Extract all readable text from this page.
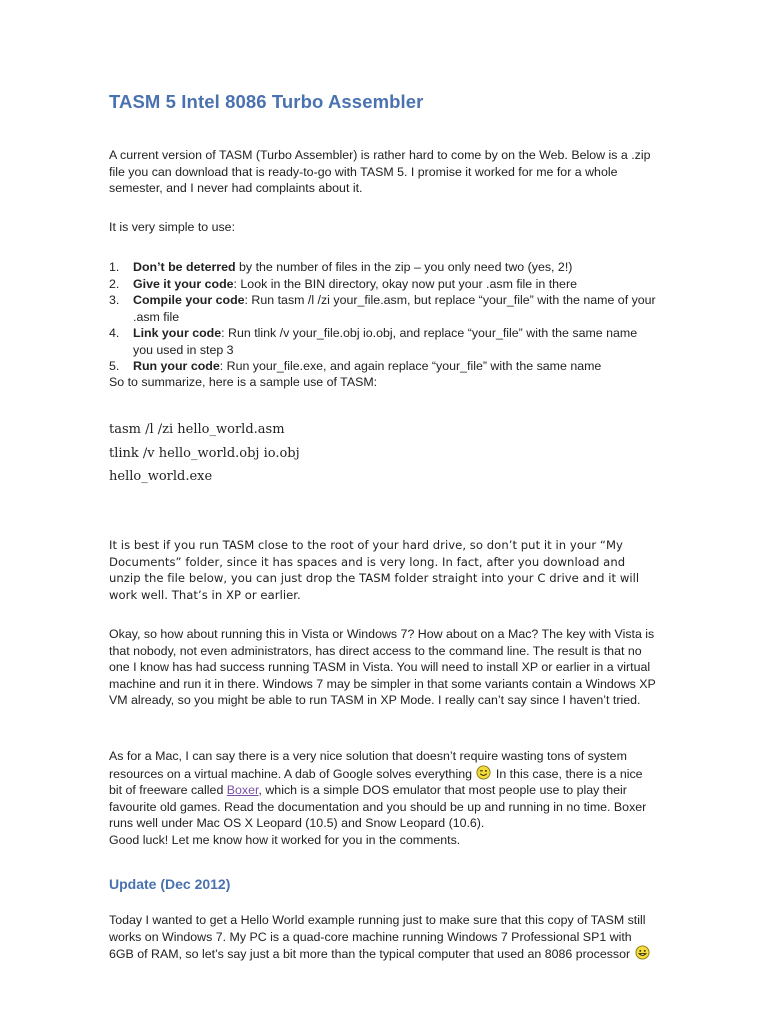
TASM 5 Intel 8086 Turbo Assembler

A current version of TASM (Turbo Assembler) is rather hard to come by on the Web. Below is a .zip file you can download that is ready-to-go with TASM 5. I promise it worked for me for a whole semester, and I never had complaints about it.

It is very simple to use:

1. Don’t be deterred by the number of files in the zip – you only need two (yes, 2!)
2. Give it your code: Look in the BIN directory, okay now put your .asm file in there
3. Compile your code: Run tasm /l /zi your_file.asm, but replace “your_file” with the name of your .asm file
4. Link your code: Run tlink /v your_file.obj io.obj, and replace “your_file” with the same name you used in step 3
5. Run your code: Run your_file.exe, and again replace “your_file” with the same name

So to summarize, here is a sample use of TASM:

tasm /l /zi hello_world.asm
tlink /v hello_world.obj io.obj
hello_world.exe

It is best if you run TASM close to the root of your hard drive, so don’t put it in your “My Documents” folder, since it has spaces and is very long. In fact, after you download and unzip the file below, you can just drop the TASM folder straight into your C drive and it will work well. That’s in XP or earlier.

Okay, so how about running this in Vista or Windows 7? How about on a Mac? The key with Vista is that nobody, not even administrators, has direct access to the command line. The result is that no one I know has had success running TASM in Vista. You will need to install XP or earlier in a virtual machine and run it in there. Windows 7 may be simpler in that some variants contain a Windows XP VM already, so you might be able to run TASM in XP Mode. I really can’t say since I haven’t tried.

As for a Mac, I can say there is a very nice solution that doesn’t require wasting tons of system resources on a virtual machine. A dab of Google solves everything  In this case, there is a nice bit of freeware called Boxer, which is a simple DOS emulator that most people use to play their favourite old games. Read the documentation and you should be up and running in no time. Boxer runs well under Mac OS X Leopard (10.5) and Snow Leopard (10.6).
Good luck! Let me know how it worked for you in the comments.

Update (Dec 2012)

Today I wanted to get a Hello World example running just to make sure that this copy of TASM still works on Windows 7. My PC is a quad-core machine running Windows 7 Professional SP1 with 6GB of RAM, so let’s say just a bit more than the typical computer that used an 8086 processor
